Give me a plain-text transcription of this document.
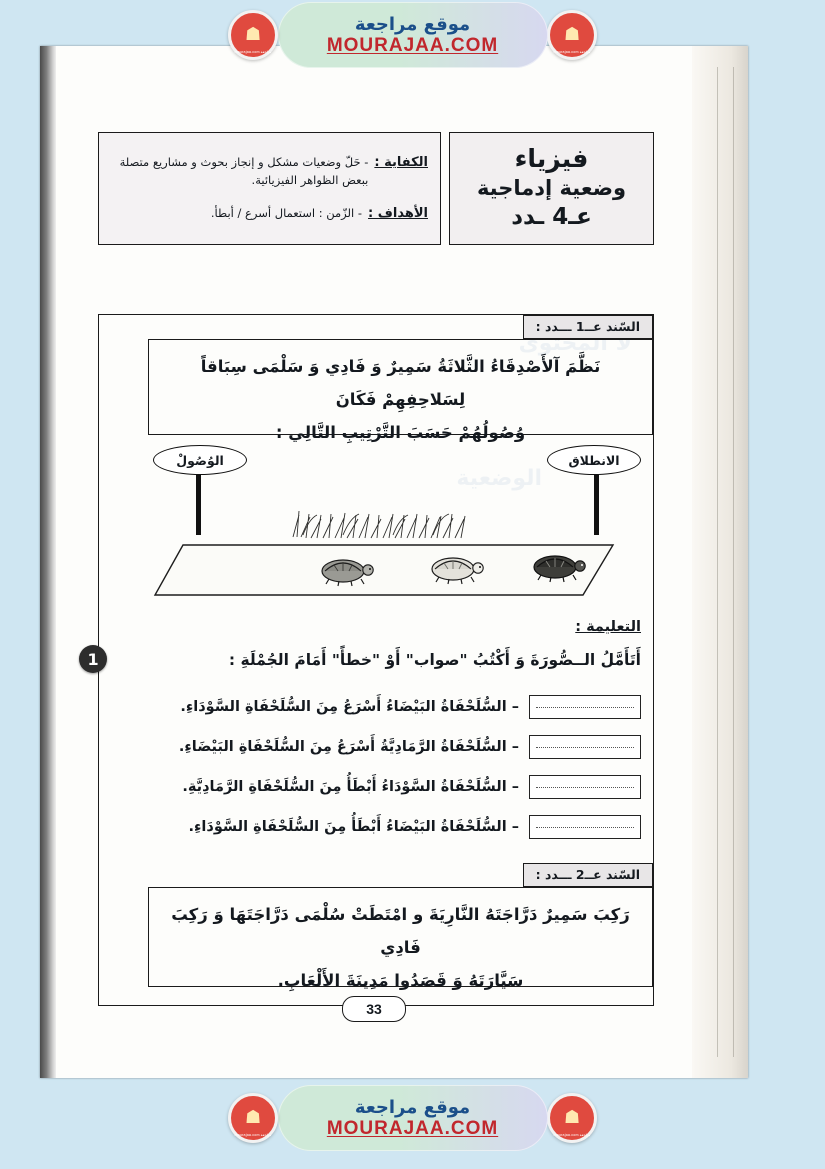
☗
مراجعة mourajaa.com
موقع مراجعة
MOURAJAA.COM
☗
مراجعة mourajaa.com
لا المحتوى
الوضعية
فيزياء
وضعية إدماجية
عـ4 ـدد
الكفاية :
- حَلّ وضعيات مشكل و إنجاز بحوث و مشاريع متصلة
ببعض الظواهر الفيزيائية.
الأهداف :
- الزّمن : استعمال أسرع / أبطأ.
1
السّند عــ1 ـــدد :
نَظَّمَ آلأَصْدِقَاءُ الثَّلاثَةُ سَمِيرٌ وَ فَادِي وَ سَلْمَى سِبَاقاً لِسَلاحِفِهِمْ فَكَانَ
وُصُولُهُمْ حَسَبَ التَّرْتِيبِ التَّالِي :
الانطلاق
الوُصُولْ
التعليمة :
أَتَأَمَّلُ الــصُّورَةَ وَ أَكْتُبُ "صواب" أَوْ "خطأً" أَمَامَ الجُمْلَةِ :
– السُّلَحْفَاةُ البَيْضَاءُ أَسْرَعُ مِنَ السُّلَحْفَاةِ السَّوْدَاءِ.
– السُّلَحْفَاةُ الرَّمَادِيَّةُ أَسْرَعُ مِنَ السُّلَحْفَاةِ البَيْضَاءِ.
– السُّلَحْفَاةُ السَّوْدَاءُ أَبْطَأُ مِنَ السُّلَحْفَاةِ الرَّمَادِيَّةِ.
– السُّلَحْفَاةُ البَيْضَاءُ أَبْطَأُ مِنَ السُّلَحْفَاةِ السَّوْدَاءِ.
السّند عــ2 ـــدد :
رَكِبَ سَمِيرٌ دَرَّاجَتَهُ النَّارِيَةَ و امْتَطَتْ سُلْمَى دَرَّاجَتَهَا وَ رَكِبَ فَادِي
سَيَّارَتَهُ وَ قَصَدُوا مَدِينَةَ الأَلْعَابِ.
33
☗
مراجعة mourajaa.com
موقع مراجعة
MOURAJAA.COM
☗
مراجعة mourajaa.com
